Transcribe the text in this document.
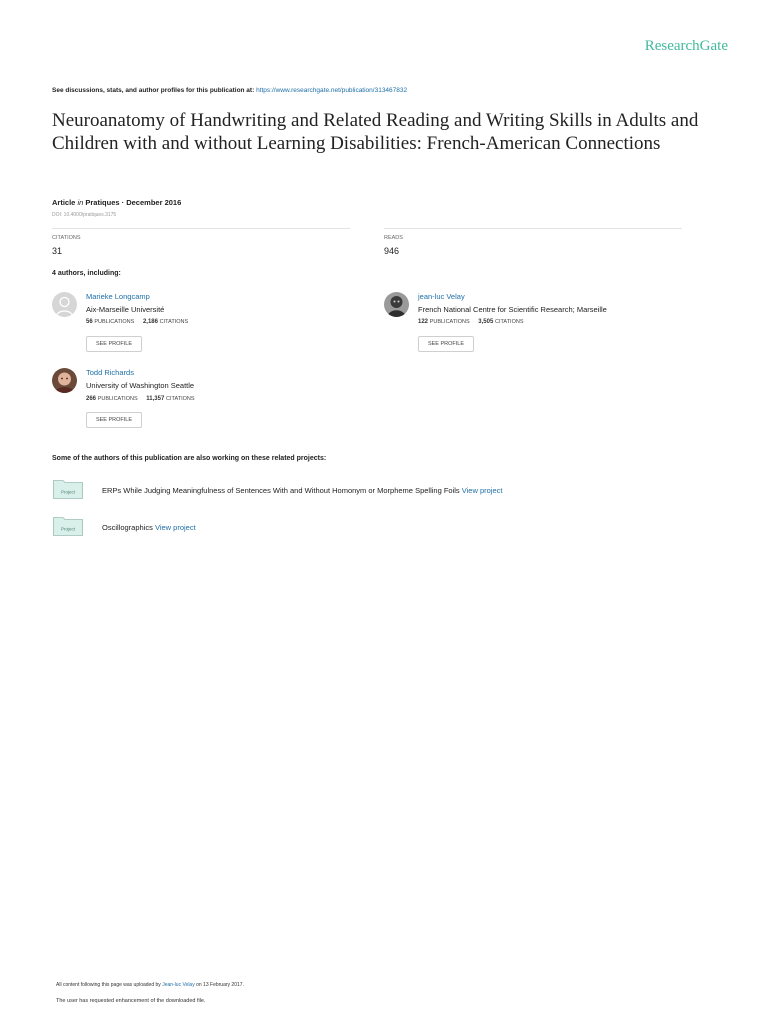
ResearchGate
See discussions, stats, and author profiles for this publication at: https://www.researchgate.net/publication/313467832
Neuroanatomy of Handwriting and Related Reading and Writing Skills in Adults and Children with and without Learning Disabilities: French-American Connections
Article in Pratiques · December 2016
DOI: 10.4000/pratiques.3175
CITATIONS
31
READS
946
4 authors, including:
Marieke Longcamp
Aix-Marseille Université
56 PUBLICATIONS 2,186 CITATIONS
SEE PROFILE
jean-luc Velay
French National Centre for Scientific Research; Marseille
122 PUBLICATIONS 3,505 CITATIONS
SEE PROFILE
Todd Richards
University of Washington Seattle
266 PUBLICATIONS 11,357 CITATIONS
SEE PROFILE
Some of the authors of this publication are also working on these related projects:
Project	ERPs While Judging Meaningfulness of Sentences With and Without Homonym or Morpheme Spelling Foils View project
Project	Oscillographics View project
All content following this page was uploaded by Jean-luc Velay on 13 February 2017.
The user has requested enhancement of the downloaded file.
